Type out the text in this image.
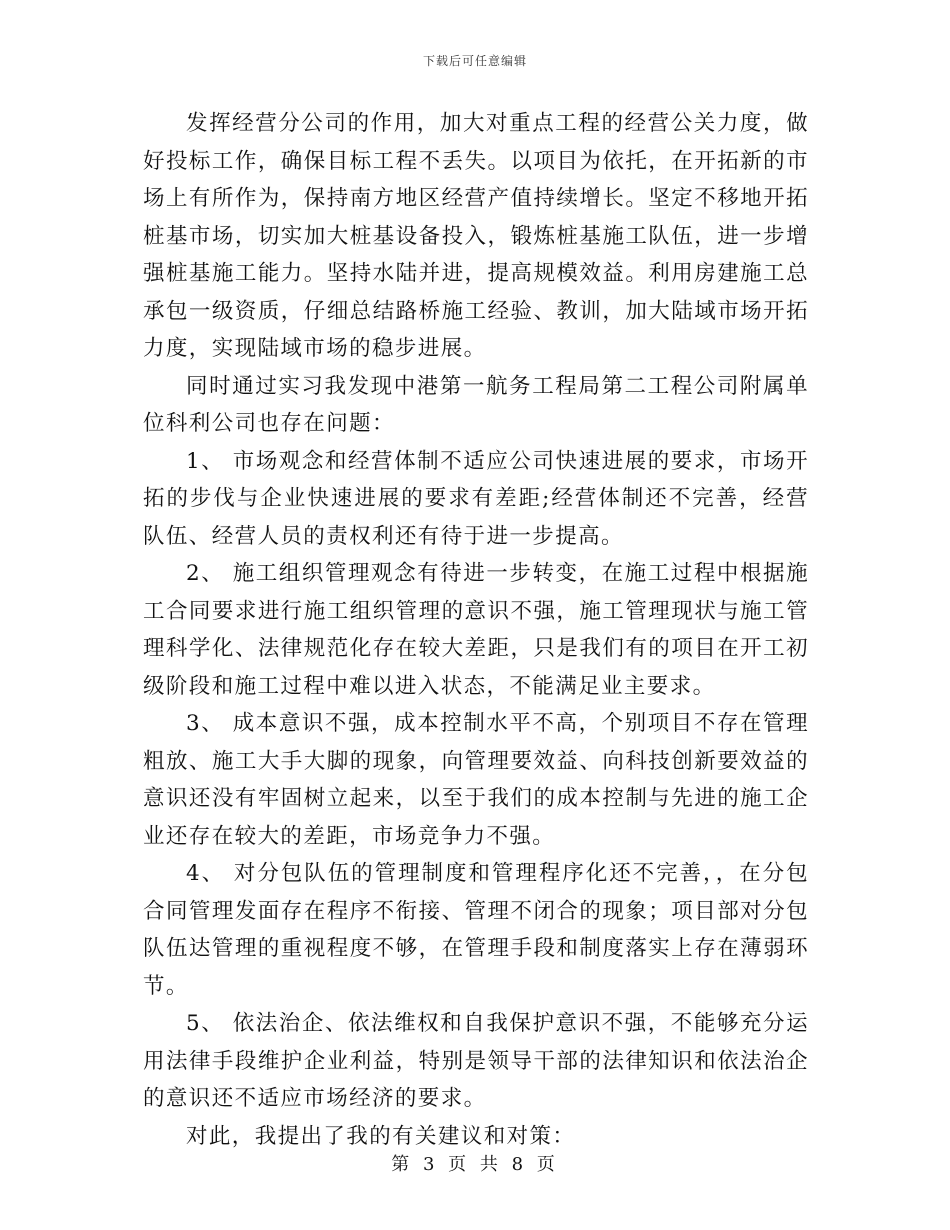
下载后可任意编辑

发挥经营分公司的作用，加大对重点工程的经营公关力度，做好投标工作，确保目标工程不丢失。以项目为依托，在开拓新的市场上有所作为，保持南方地区经营产值持续增长。坚定不移地开拓桩基市场，切实加大桩基设备投入，锻炼桩基施工队伍，进一步增强桩基施工能力。坚持水陆并进，提高规模效益。利用房建施工总承包一级资质，仔细总结路桥施工经验、教训，加大陆域市场开拓力度，实现陆域市场的稳步进展。

同时通过实习我发现中港第一航务工程局第二工程公司附属单位科利公司也存在问题：

1、 市场观念和经营体制不适应公司快速进展的要求，市场开拓的步伐与企业快速进展的要求有差距;经营体制还不完善，经营队伍、经营人员的责权利还有待于进一步提高。

2、 施工组织管理观念有待进一步转变，在施工过程中根据施工合同要求进行施工组织管理的意识不强，施工管理现状与施工管理科学化、法律规范化存在较大差距，只是我们有的项目在开工初级阶段和施工过程中难以进入状态，不能满足业主要求。

3、 成本意识不强，成本控制水平不高，个别项目不存在管理粗放、施工大手大脚的现象，向管理要效益、向科技创新要效益的意识还没有牢固树立起来，以至于我们的成本控制与先进的施工企业还存在较大的差距，市场竞争力不强。

4、 对分包队伍的管理制度和管理程序化还不完善，，在分包合同管理发面存在程序不衔接、管理不闭合的现象；项目部对分包队伍达管理的重视程度不够，在管理手段和制度落实上存在薄弱环节。

5、 依法治企、依法维权和自我保护意识不强，不能够充分运用法律手段维护企业利益，特别是领导干部的法律知识和依法治企的意识还不适应市场经济的要求。

对此，我提出了我的有关建议和对策：

第 3 页 共 8 页
